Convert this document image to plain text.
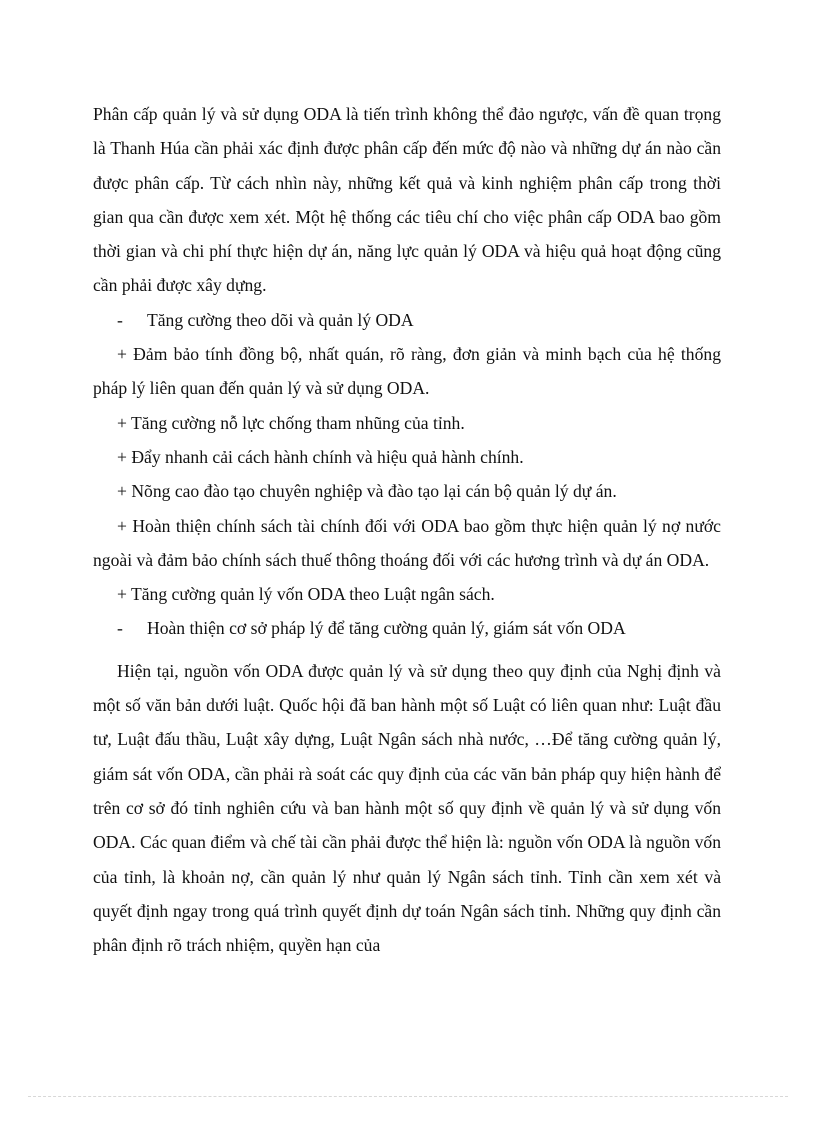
Phân cấp quản lý và sử dụng ODA là tiến trình không thể đảo ngược, vấn đề quan trọng là Thanh Húa cần phải xác định được phân cấp đến mức độ nào và những dự án nào cần được phân cấp. Từ cách nhìn này, những kết quả và kinh nghiệm phân cấp trong thời gian qua cần được xem xét. Một hệ thống các tiêu chí cho việc phân cấp ODA bao gồm thời gian và chi phí thực hiện dự án, năng lực quản lý ODA và hiệu quả hoạt động cũng cần phải được xây dựng.

- Tăng cường theo dõi và quản lý ODA

+ Đảm bảo tính đồng bộ, nhất quán, rõ ràng, đơn giản và minh bạch của hệ thống pháp lý liên quan đến quản lý và sử dụng ODA.

+ Tăng cường nỗ lực chống tham nhũng của tỉnh.

+ Đẩy nhanh cải cách hành chính và hiệu quả hành chính.

+ Nõng cao đào tạo chuyên nghiệp và đào tạo lại cán bộ quản lý dự án.

+ Hoàn thiện chính sách tài chính đối với ODA bao gồm thực hiện quản lý nợ nước ngoài và đảm bảo chính sách thuế thông thoáng đối với các hương trình và dự án ODA.

+ Tăng cường quản lý vốn ODA theo Luật ngân sách.

- Hoàn thiện cơ sở pháp lý để tăng cường quản lý, giám sát vốn ODA

Hiện tại, nguồn vốn ODA được quản lý và sử dụng theo quy định của Nghị định và một số văn bản dưới luật. Quốc hội đã ban hành một số Luật có liên quan như: Luật đầu tư, Luật đấu thầu, Luật xây dựng, Luật Ngân sách nhà nước, …Để tăng cường quản lý, giám sát vốn ODA, cần phải rà soát các quy định của các văn bản pháp quy hiện hành để trên cơ sở đó tỉnh nghiên cứu và ban hành một số quy định về quản lý và sử dụng vốn ODA. Các quan điểm và chế tài cần phải được thể hiện là: nguồn vốn ODA là nguồn vốn của tỉnh, là khoản nợ, cần quản lý như quản lý Ngân sách tỉnh. Tỉnh cần xem xét và quyết định ngay trong quá trình quyết định dự toán Ngân sách tỉnh. Những quy định cần phân định rõ trách nhiệm, quyền hạn của
